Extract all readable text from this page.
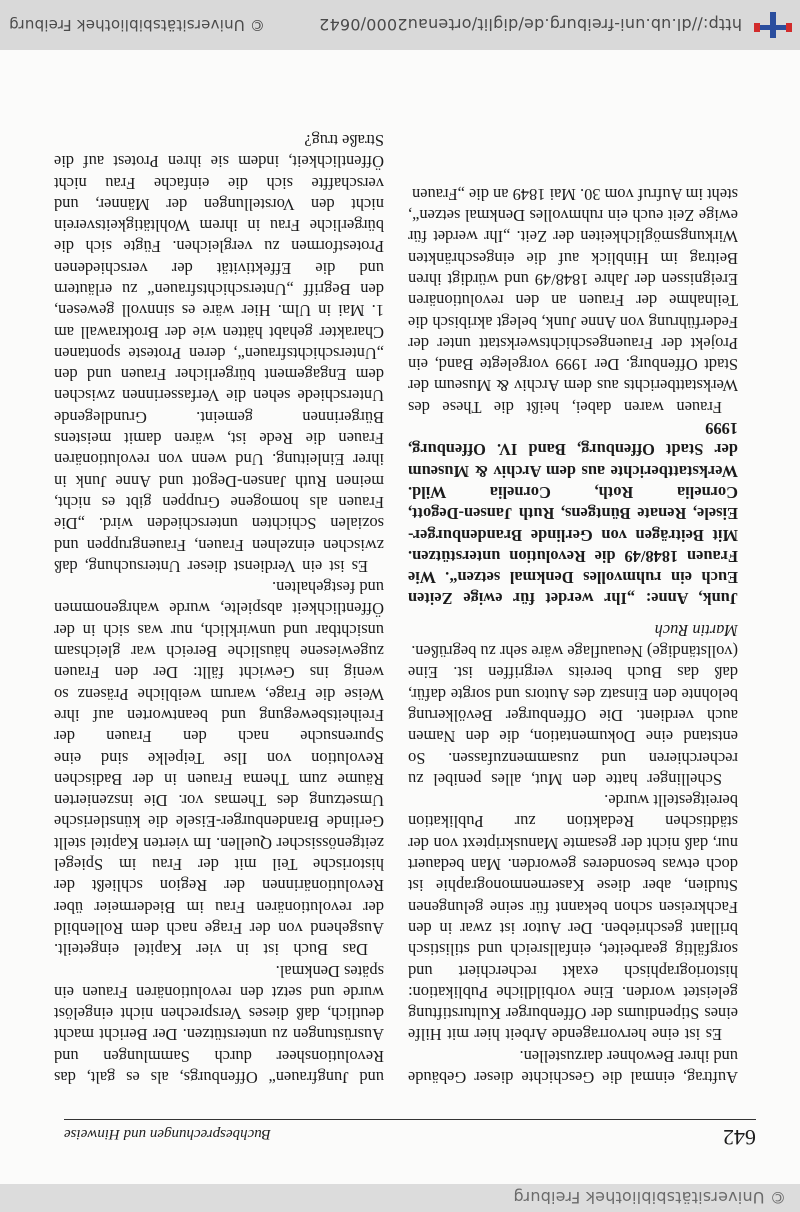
© Universitätsbibliothek Freiburg
642
Buchbesprechungen und Hinweise

Auftrag, einmal die Geschichte dieser Gebäude und ihrer Bewohner darzustellen.

Es ist eine hervorragende Arbeit hier mit Hilfe eines Stipendiums der Offenburger Kulturstiftung geleistet worden. Eine vorbildliche Publikation: historiographisch exakt recherchiert und sorgfältig gearbeitet, einfallsreich und stilistisch brillant geschrieben. Der Autor ist zwar in den Fachkreisen schon bekannt für seine gelungenen Studien, aber diese Kasernenmonographie ist doch etwas besonderes geworden. Man bedauert nur, daß nicht der gesamte Manuskriptext von der städtischen Redaktion zur Publikation bereitgestellt wurde.

Schellinger hatte den Mut, alles penibel zu recherchieren und zusammenzufassen. So entstand eine Dokumentation, die den Namen auch verdient. Die Offenburger Bevölkerung belohnte den Einsatz des Autors und sorgte dafür, daß das Buch bereits vergriffen ist. Eine (vollständige) Neuauflage wäre sehr zu begrüßen.

Martin Ruch

Junk, Anne: „Ihr werdet für ewige Zeiten Euch ein ruhmvolles Denkmal setzen“. Wie Frauen 1848/49 die Revolution unterstützen. Mit Beiträgen von Gerlinde Brandenburger-Eisele, Renate Büntgens, Ruth Jansen-Degott, Cornelia Roth, Cornelia Wild. Werkstattberichte aus dem Archiv & Museum der Stadt Offenburg, Band IV. Offenburg, 1999

Frauen waren dabei, heißt die These des Werkstattberichts aus dem Archiv & Museum der Stadt Offenburg. Der 1999 vorgelegte Band, ein Projekt der Frauengeschichtswerkstatt unter der Federführung von Anne Junk, belegt akribisch die Teilnahme der Frauen an den revolutionären Ereignissen der Jahre 1848/49 und würdigt ihren Beitrag im Hinblick auf die eingeschränkten Wirkungsmöglichkeiten der Zeit. „Ihr werdet für ewige Zeit euch ein ruhmvolles Denkmal setzen“, steht im Aufruf vom 30. Mai 1849 an die „Frauen

und Jungfrauen“ Offenburgs, als es galt, das Revolutionsheer durch Sammlungen und Ausrüstungen zu unterstützen. Der Bericht macht deutlich, daß dieses Versprechen nicht eingelöst wurde und setzt den revolutionären Frauen ein spätes Denkmal.

Das Buch ist in vier Kapitel eingeteilt. Ausgehend von der Frage nach dem Rollenbild der revolutionären Frau im Biedermeier über Revolutionärinnen der Region schließt der historische Teil mit der Frau im Spiegel zeitgenössischer Quellen. Im vierten Kapitel stellt Gerlinde Brandenburger-Eisele die künstlerische Umsetzung des Themas vor. Die inszenierten Räume zum Thema Frauen in der Badischen Revolution von Ilse Teipelke sind eine Spurensuche nach den Frauen der Freiheitsbewegung und beantworten auf ihre Weise die Frage, warum weibliche Präsenz so wenig ins Gewicht fällt: Der den Frauen zugewiesene häusliche Bereich war gleichsam unsichtbar und unwirklich, nur was sich in der Öffentlichkeit abspielte, wurde wahrgenommen und festgehalten.

Es ist ein Verdienst dieser Untersuchung, daß zwischen einzelnen Frauen, Frauengruppen und sozialen Schichten unterschieden wird. „Die Frauen als homogene Gruppen gibt es nicht, meinen Ruth Jansen-Degott und Anne Junk in ihrer Einleitung. Und wenn von revolutionären Frauen die Rede ist, wären damit meistens Bürgerinnen gemeint. Grundlegende Unterschiede sehen die Verfasserinnen zwischen dem Engagement bürgerlicher Frauen und den „Unterschichtsfrauen“, deren Proteste spontanen Charakter gehabt hätten wie der Brotkrawall am 1. Mai in Ulm. Hier wäre es sinnvoll gewesen, den Begriff „Unterschichtsfrauen“ zu erläutern und die Effektivität der verschiedenen Protestformen zu vergleichen. Fügte sich die bürgerliche Frau in ihrem Wohltätigkeitsverein nicht den Vorstellungen der Männer, und verschaffte sich die einfache Frau nicht Öffentlichkeit, indem sie ihren Protest auf die Straße trug?

http://dl.ub.uni-freiburg.de/diglit/ortenau2000/0642
© Universitätsbibliothek Freiburg
